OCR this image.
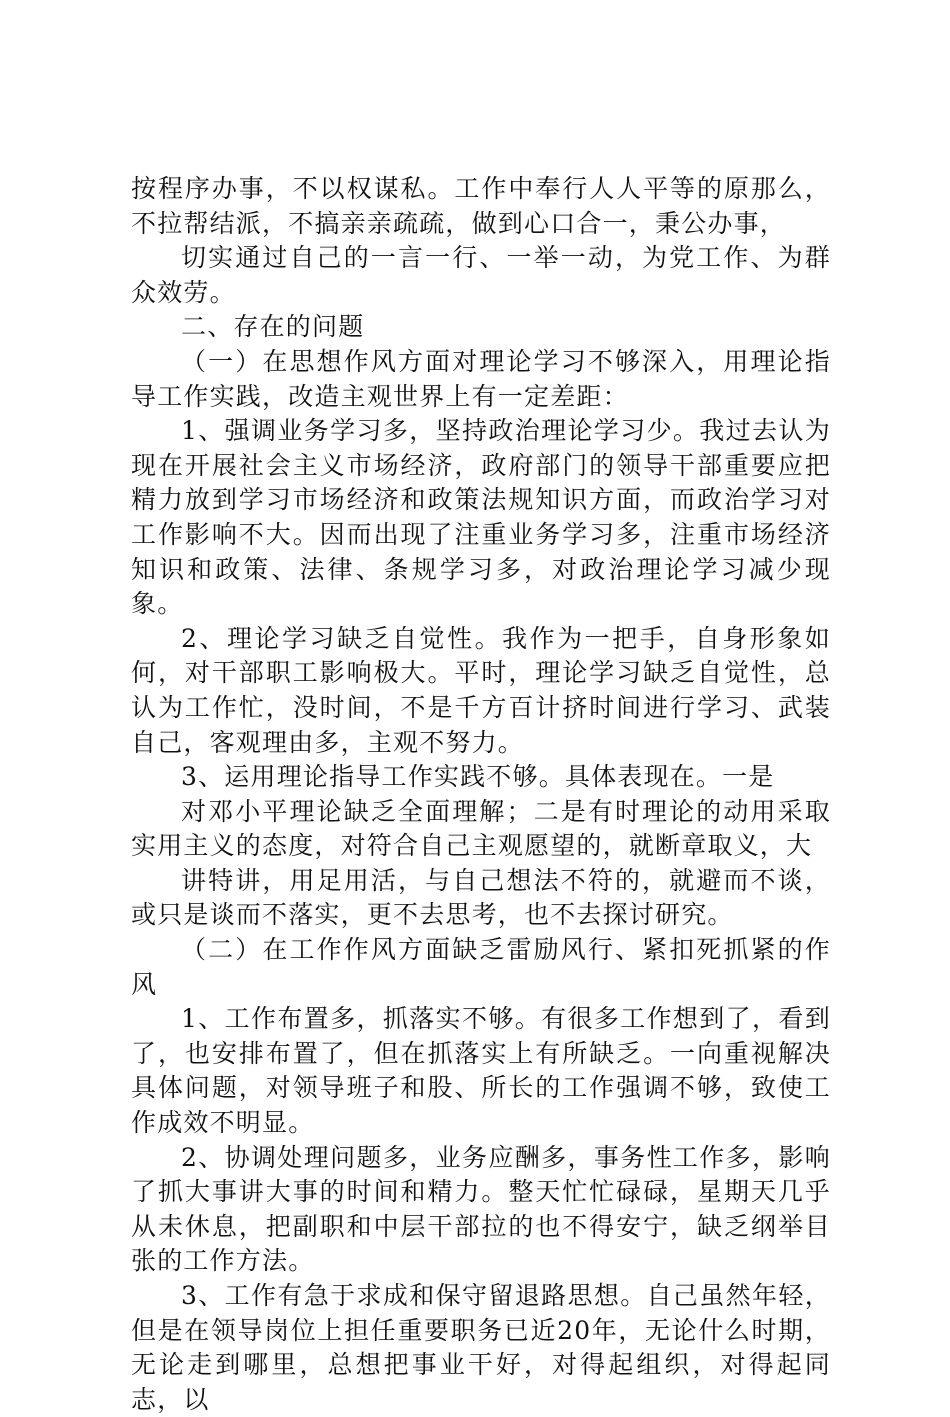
按程序办事，不以权谋私。工作中奉行人人平等的原那么，不拉帮结派，不搞亲亲疏疏，做到心口合一，秉公办事，

切实通过自己的一言一行、一举一动，为党工作、为群众效劳。

二、存在的问题

（一）在思想作风方面对理论学习不够深入，用理论指导工作实践，改造主观世界上有一定差距：

1、强调业务学习多，坚持政治理论学习少。我过去认为现在开展社会主义市场经济，政府部门的领导干部重要应把精力放到学习市场经济和政策法规知识方面，而政治学习对工作影响不大。因而出现了注重业务学习多，注重市场经济知识和政策、法律、条规学习多，对政治理论学习减少现象。

2、理论学习缺乏自觉性。我作为一把手，自身形象如何，对干部职工影响极大。平时，理论学习缺乏自觉性，总认为工作忙，没时间，不是千方百计挤时间进行学习、武装自己，客观理由多，主观不努力。

3、运用理论指导工作实践不够。具体表现在。一是

对邓小平理论缺乏全面理解；二是有时理论的动用采取实用主义的态度，对符合自己主观愿望的，就断章取义，大

讲特讲，用足用活，与自己想法不符的，就避而不谈，或只是谈而不落实，更不去思考，也不去探讨研究。

（二）在工作作风方面缺乏雷励风行、紧扣死抓紧的作风

1、工作布置多，抓落实不够。有很多工作想到了，看到了，也安排布置了，但在抓落实上有所缺乏。一向重视解决具体问题，对领导班子和股、所长的工作强调不够，致使工作成效不明显。

2、协调处理问题多，业务应酬多，事务性工作多，影响了抓大事讲大事的时间和精力。整天忙忙碌碌，星期天几乎从未休息，把副职和中层干部拉的也不得安宁，缺乏纲举目张的工作方法。

3、工作有急于求成和保守留退路思想。自己虽然年轻，但是在领导岗位上担任重要职务已近20年，无论什么时期，无论走到哪里，总想把事业干好，对得起组织，对得起同志，以
